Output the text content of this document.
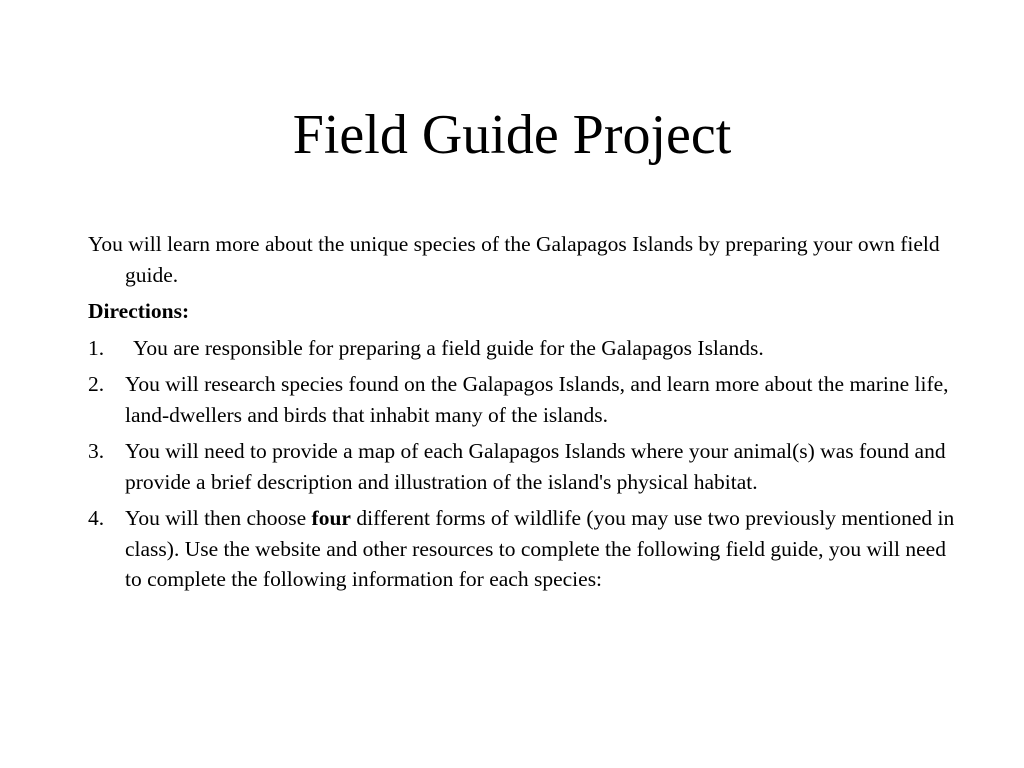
Field Guide Project

You will learn more about the unique species of the Galapagos Islands by preparing your own field guide.

Directions:

1. You are responsible for preparing a field guide for the Galapagos Islands.
2. You will research species found on the Galapagos Islands, and learn more about the marine life, land-dwellers and birds that inhabit many of the islands.
3. You will need to provide a map of each Galapagos Islands where your animal(s) was found and provide a brief description and illustration of the island's physical habitat.
4. You will then choose four different forms of wildlife (you may use two previously mentioned in class). Use the website and other resources to complete the following field guide, you will need to complete the following information for each species:
